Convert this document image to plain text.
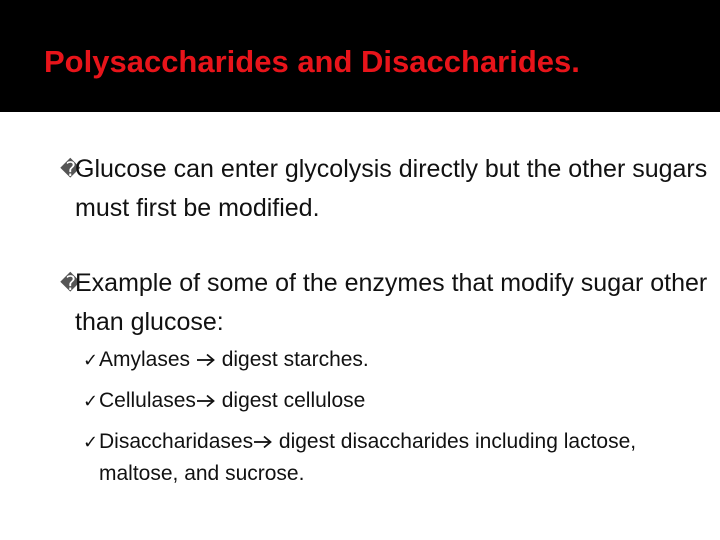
Polysaccharides and Disaccharides.
�Glucose can enter glycolysis directly but the other sugars must first be modified.
�Example of some of the enzymes that modify sugar other than glucose:
✓Amylases  digest starches.
✓Cellulases digest cellulose
✓Disaccharidases digest disaccharides including lactose, maltose, and sucrose.
